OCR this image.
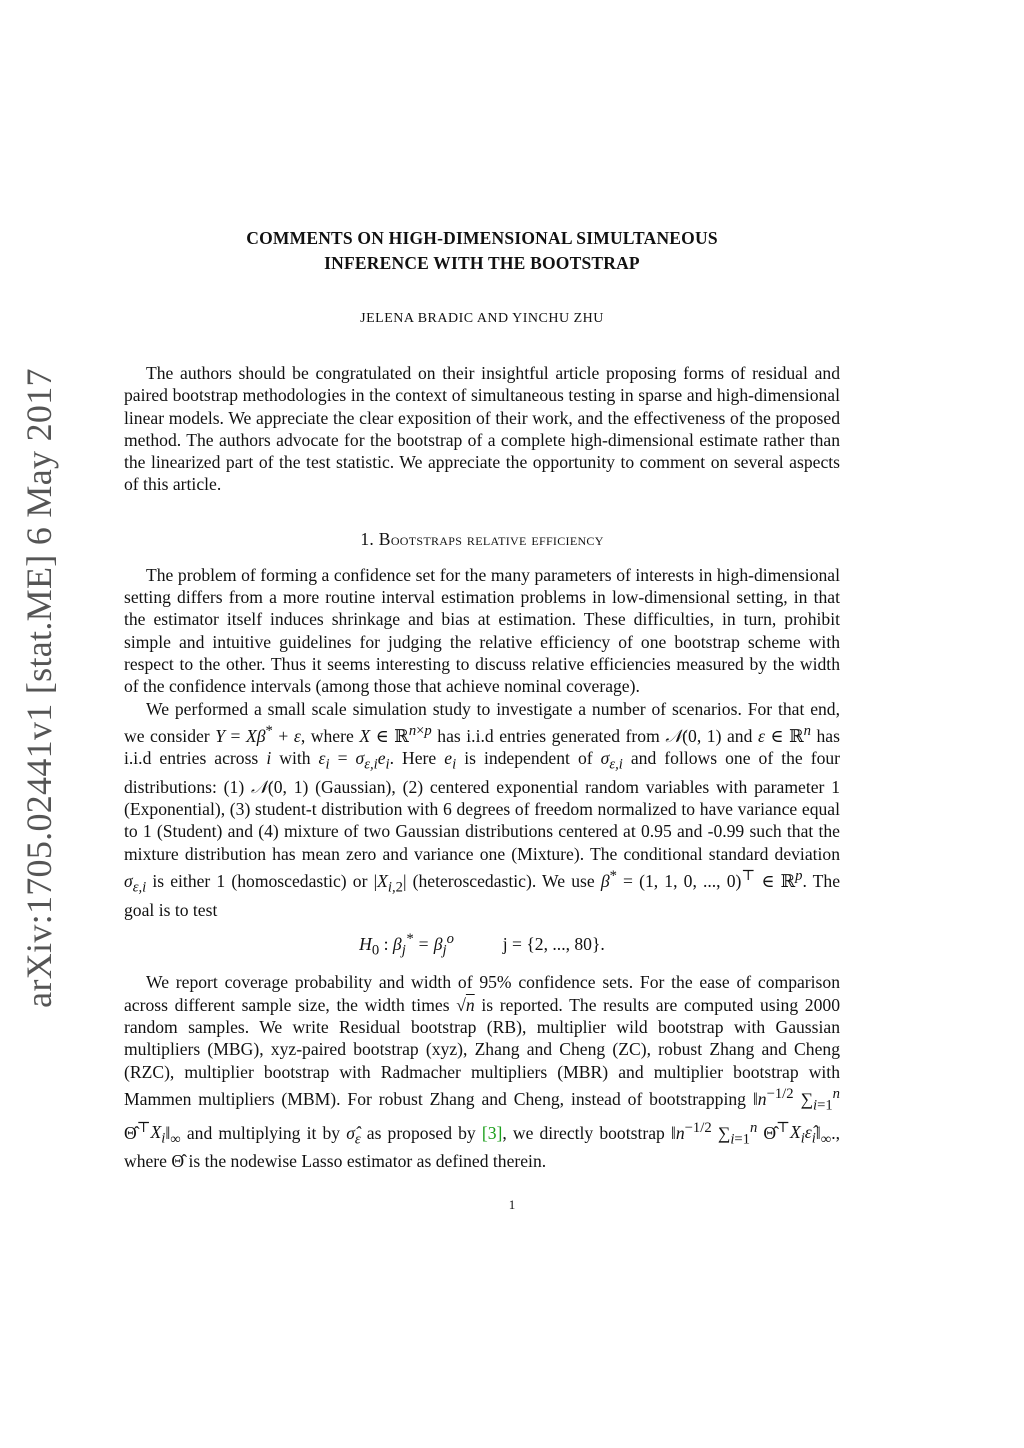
arXiv:1705.02441v1 [stat.ME] 6 May 2017
COMMENTS ON HIGH-DIMENSIONAL SIMULTANEOUS
INFERENCE WITH THE BOOTSTRAP
JELENA BRADIC AND YINCHU ZHU

The authors should be congratulated on their insightful article proposing forms of residual and paired bootstrap methodologies in the context of simultaneous testing in sparse and high-dimensional linear models. We appreciate the clear exposition of their work, and the effectiveness of the proposed method. The authors advocate for the bootstrap of a complete high-dimensional estimate rather than the linearized part of the test statistic. We appreciate the opportunity to comment on several aspects of this article.

1. Bootstraps relative efficiency

The problem of forming a confidence set for the many parameters of interests in high-dimensional setting differs from a more routine interval estimation problems in low-dimensional setting, in that the estimator itself induces shrinkage and bias at estimation. These difficulties, in turn, prohibit simple and intuitive guidelines for judging the relative efficiency of one bootstrap scheme with respect to the other. Thus it seems interesting to discuss relative efficiencies measured by the width of the confidence intervals (among those that achieve nominal coverage).

We performed a small scale simulation study to investigate a number of scenarios. For that end, we consider Y = Xβ* + ε, where X ∈ ℝ$^{n\times p}$ has i.i.d entries generated from 𝒩(0, 1) and ε ∈ ℝ$^n$ has i.i.d entries across i with $\varepsilon_i = \sigma_{\varepsilon,i}e_i$. Here $e_i$ is independent of $\sigma_{\varepsilon,i}$ and follows one of the four distributions: (1) 𝒩(0, 1) (Gaussian), (2) centered exponential random variables with parameter 1 (Exponential), (3) student-t distribution with 6 degrees of freedom normalized to have variance equal to 1 (Student) and (4) mixture of two Gaussian distributions centered at 0.95 and -0.99 such that the mixture distribution has mean zero and variance one (Mixture). The conditional standard deviation $\sigma_{\varepsilon,i}$ is either 1 (homoscedastic) or $|X_{i,2}|$ (heteroscedastic). We use β* = (1, 1, 0, ..., 0)⊤ ∈ ℝ$^p$. The goal is to test

$H_0$ : $\beta_j^* = \beta_j^o$	j = {2, ..., 80}.

We report coverage probability and width of 95% confidence sets. For the ease of comparison across different sample size, the width times √n is reported. The results are computed using 2000 random samples. We write Residual bootstrap (RB), multiplier wild bootstrap with Gaussian multipliers (MBG), xyz-paired bootstrap (xyz), Zhang and Cheng (ZC), robust Zhang and Cheng (RZC), multiplier bootstrap with Radmacher multipliers (MBR) and multiplier bootstrap with Mammen multipliers (MBM). For robust Zhang and Cheng, instead of bootstrapping $‖n^{-1/2}$ $\sum_{i=1}^n$ $\Thetâ^⊤X_i‖_\infty$ and multiplying it by $\sigmâ_\varepsilon$ as proposed by [3], we directly bootstrap $‖n^{-1/2}$ $\sum_{i=1}^n$ $\Thetâ^⊤X_i\varepsilon̂_i‖_\infty$., where Θ̂ is the nodewise Lasso estimator as defined therein.

1
